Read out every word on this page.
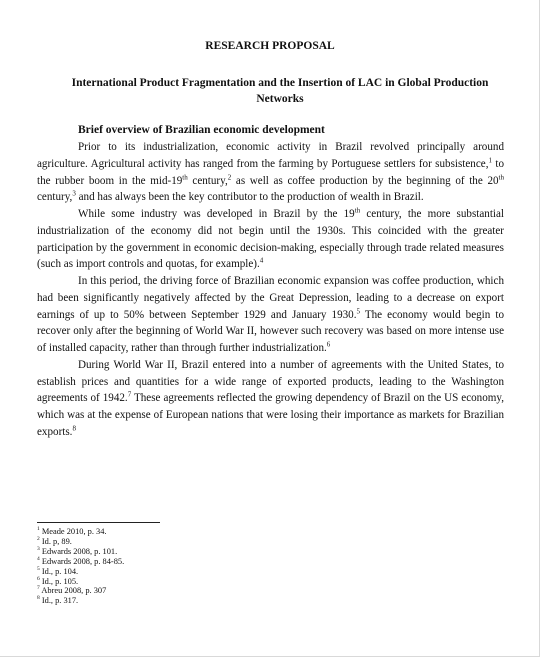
RESEARCH PROPOSAL
International Product Fragmentation and the Insertion of LAC in Global Production Networks
Brief overview of Brazilian economic development

Prior to its industrialization, economic activity in Brazil revolved principally around agriculture. Agricultural activity has ranged from the farming by Portuguese settlers for subsistence,$^1$ to the rubber boom in the mid-19th century,$^2$ as well as coffee production by the beginning of the 20th century,$^3$ and has always been the key contributor to the production of wealth in Brazil.

While some industry was developed in Brazil by the 19th century, the more substantial industrialization of the economy did not begin until the 1930s. This coincided with the greater participation by the government in economic decision-making, especially through trade related measures (such as import controls and quotas, for example).$^4$

In this period, the driving force of Brazilian economic expansion was coffee production, which had been significantly negatively affected by the Great Depression, leading to a decrease on export earnings of up to 50% between September 1929 and January 1930.$^5$ The economy would begin to recover only after the beginning of World War II, however such recovery was based on more intense use of installed capacity, rather than through further industrialization.$^6$

During World War II, Brazil entered into a number of agreements with the United States, to establish prices and quantities for a wide range of exported products, leading to the Washington agreements of 1942.$^7$ These agreements reflected the growing dependency of Brazil on the US economy, which was at the expense of European nations that were losing their importance as markets for Brazilian exports.$^8$

$^1$ Meade 2010, p. 34.
$^2$ Id. p, 89.
$^3$ Edwards 2008, p. 101.
$^4$ Edwards 2008, p. 84-85.
$^5$ Id., p. 104.
$^6$ Id., p. 105.
$^7$ Abreu 2008, p. 307
$^8$ Id., p. 317.
